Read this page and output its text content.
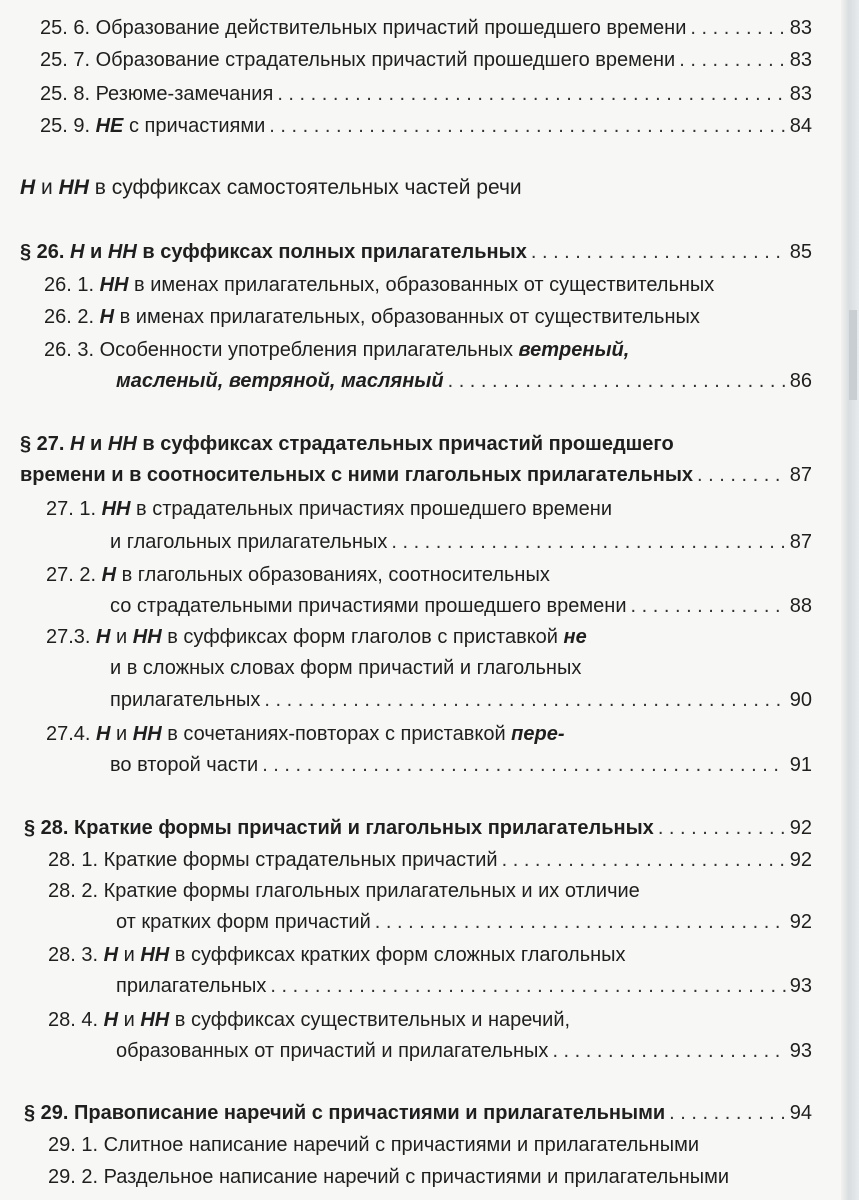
25. 6. Образование действительных причастий прошедшего времени . . .	83
25. 7. Образование страдательных причастий прошедшего времени . . .	83
25. 8. Резюме-замечания . . .	83
25. 9. НЕ с причастиями . . .	84
Н и НН в суффиксах самостоятельных частей речи
§ 26. Н и НН в суффиксах полных прилагательных . . .	85
26. 1. НН в именах прилагательных, образованных от существительных
26. 2. Н в именах прилагательных, образованных от существительных
26. 3. Особенности употребления прилагательных ветреный,
масленый, ветряной, масляный . . .	86
§ 27. Н и НН в суффиксах страдательных причастий прошедшего
времени и в соотносительных с ними глагольных прилагательных . . .	87
27. 1. НН в страдательных причастиях прошедшего времени
и глагольных прилагательных . . .	87
27. 2. Н в глагольных образованиях, соотносительных
со страдательными причастиями прошедшего времени . . .	88
27.3. Н и НН в суффиксах форм глаголов с приставкой не
и в сложных словах форм причастий и глагольных
прилагательных . . .	90
27.4. Н и НН в сочетаниях-повторах с приставкой пере-
во второй части . . .	91
§ 28. Краткие формы причастий и глагольных прилагательных . . .	92
28. 1. Краткие формы страдательных причастий . . .	92
28. 2. Краткие формы глагольных прилагательных и их отличие
от кратких форм причастий . . .	92
28. 3. Н и НН в суффиксах кратких форм сложных глагольных
прилагательных . . .	93
28. 4. Н и НН в суффиксах существительных и наречий,
образованных от причастий и прилагательных . . .	93
§ 29. Правописание наречий с причастиями и прилагательными . . .	94
29. 1. Слитное написание наречий с причастиями и прилагательными
29. 2. Раздельное написание наречий с причастиями и прилагательными
